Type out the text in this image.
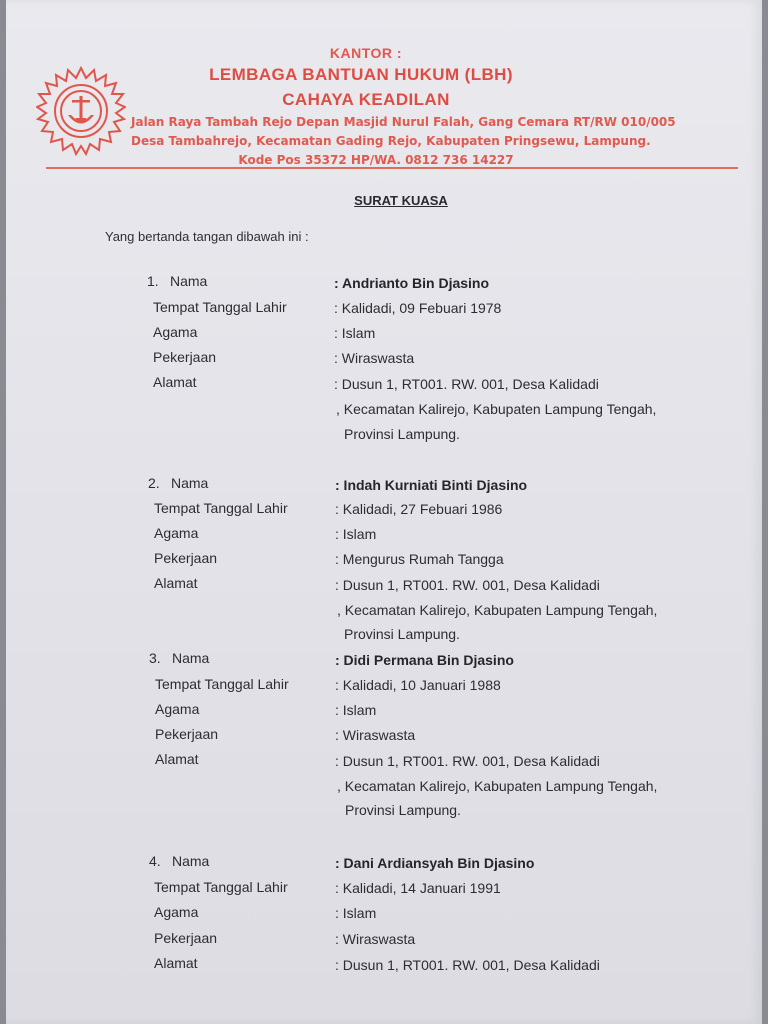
KANTOR :
LEMBAGA BANTUAN HUKUM (LBH)
CAHAYA KEADILAN
Jalan Raya Tambah Rejo Depan Masjid Nurul Falah, Gang Cemara RT/RW 010/005
Desa Tambahrejo, Kecamatan Gading Rejo, Kabupaten Pringsewu, Lampung.
Kode Pos 35372 HP/WA. 0812 736 14227
SURAT KUASA
Yang bertanda tangan dibawah ini :
1. Nama	: Andrianto Bin Djasino
Tempat Tanggal Lahir	: Kalidadi, 09 Febuari 1978
Agama	: Islam
Pekerjaan	: Wiraswasta
Alamat	: Dusun 1, RT001. RW. 001, Desa Kalidadi
, Kecamatan Kalirejo, Kabupaten Lampung Tengah,
Provinsi Lampung.
2. Nama	: Indah Kurniati Binti Djasino
Tempat Tanggal Lahir	: Kalidadi, 27 Febuari 1986
Agama	: Islam
Pekerjaan	: Mengurus Rumah Tangga
Alamat	: Dusun 1, RT001. RW. 001, Desa Kalidadi
, Kecamatan Kalirejo, Kabupaten Lampung Tengah,
Provinsi Lampung.
3. Nama	: Didi Permana Bin Djasino
Tempat Tanggal Lahir	: Kalidadi, 10 Januari 1988
Agama	: Islam
Pekerjaan	: Wiraswasta
Alamat	: Dusun 1, RT001. RW. 001, Desa Kalidadi
, Kecamatan Kalirejo, Kabupaten Lampung Tengah,
Provinsi Lampung.
4. Nama	: Dani Ardiansyah Bin Djasino
Tempat Tanggal Lahir	: Kalidadi, 14 Januari 1991
Agama	: Islam
Pekerjaan	: Wiraswasta
Alamat	: Dusun 1, RT001. RW. 001, Desa Kalidadi
